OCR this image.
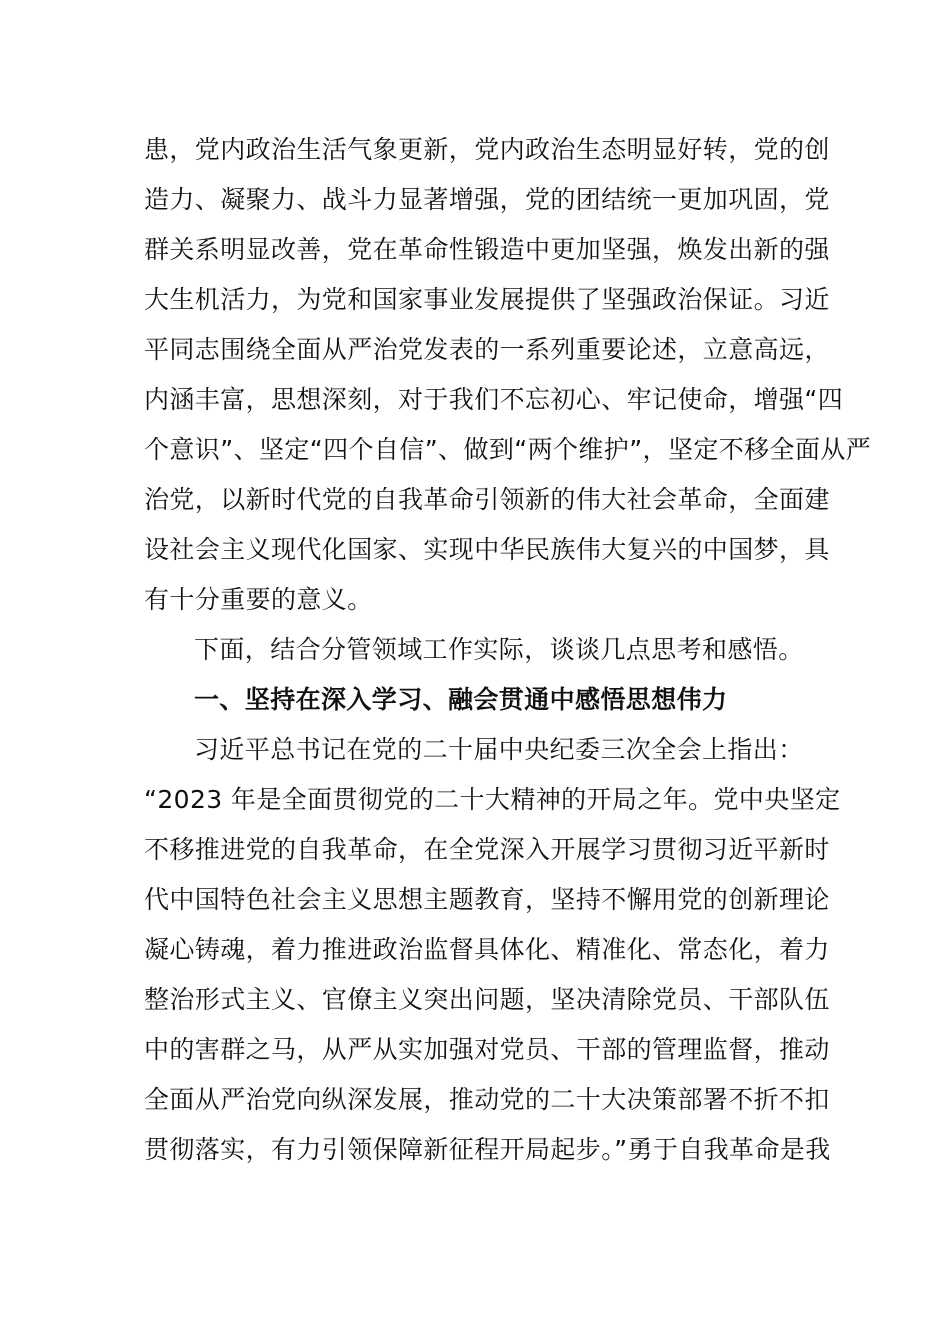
患，党内政治生活气象更新，党内政治生态明显好转，党的创
造力、凝聚力、战斗力显著增强，党的团结统一更加巩固，党
群关系明显改善，党在革命性锻造中更加坚强，焕发出新的强
大生机活力，为党和国家事业发展提供了坚强政治保证。习近
平同志围绕全面从严治党发表的一系列重要论述，立意高远，
内涵丰富，思想深刻，对于我们不忘初心、牢记使命，增强“四
个意识”、坚定“四个自信”、做到“两个维护”，坚定不移全面从严
治党，以新时代党的自我革命引领新的伟大社会革命，全面建
设社会主义现代化国家、实现中华民族伟大复兴的中国梦，具
有十分重要的意义。
下面，结合分管领域工作实际，谈谈几点思考和感悟。
一、坚持在深入学习、融会贯通中感悟思想伟力
习近平总书记在党的二十届中央纪委三次全会上指出：
“2023 年是全面贯彻党的二十大精神的开局之年。党中央坚定
不移推进党的自我革命，在全党深入开展学习贯彻习近平新时
代中国特色社会主义思想主题教育，坚持不懈用党的创新理论
凝心铸魂，着力推进政治监督具体化、精准化、常态化，着力
整治形式主义、官僚主义突出问题，坚决清除党员、干部队伍
中的害群之马，从严从实加强对党员、干部的管理监督，推动
全面从严治党向纵深发展，推动党的二十大决策部署不折不扣
贯彻落实，有力引领保障新征程开局起步。”勇于自我革命是我
